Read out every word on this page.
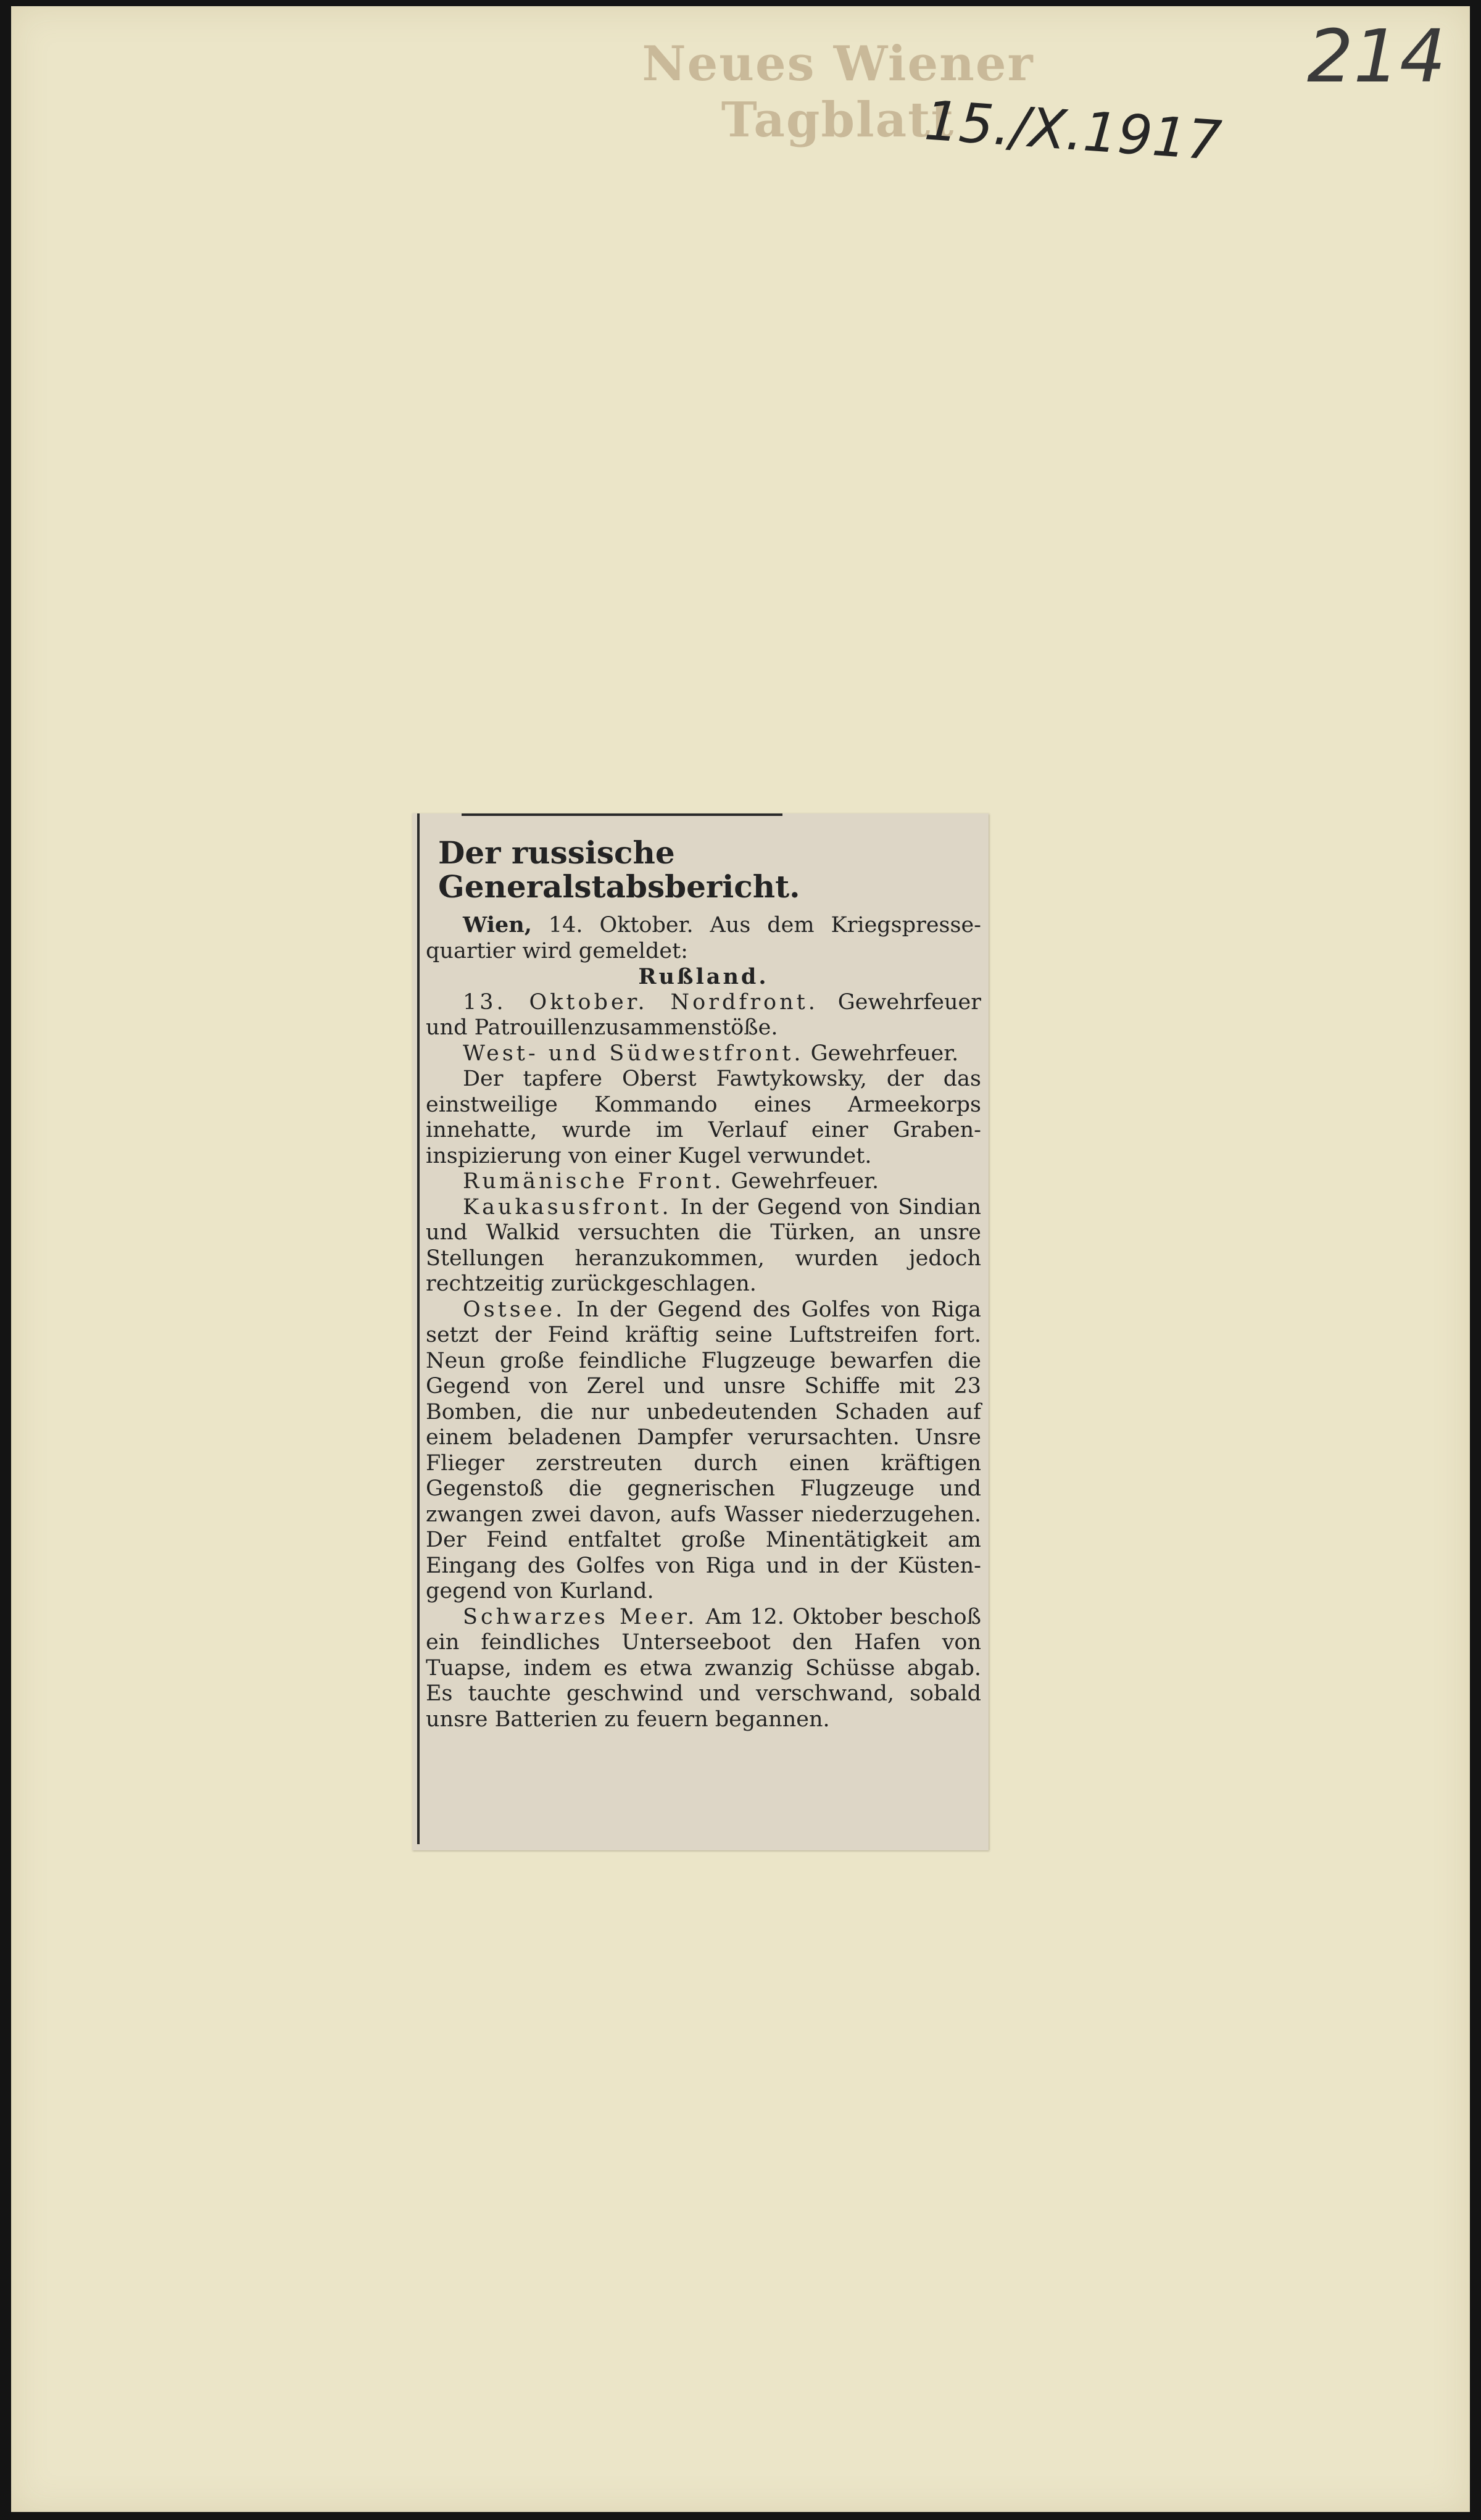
Neues Wiener Tagblatt
214
15./X.1917
Der russische Generalstabsbericht.

Wien, 14. Oktober. Aus dem Kriegspressequartier wird gemeldet:

Rußland.

13. Oktober. Nordfront. Gewehrfeuer und Patrouillenzusammenstöße.

West- und Südwestfront. Gewehrfeuer.

Der tapfere Oberst Fawtykowsky, der das einstweilige Kommando eines Armeekorps innehatte, wurde im Verlauf einer Grabeninspizierung von einer Kugel verwundet.

Rumänische Front. Gewehrfeuer.

Kaukasusfront. In der Gegend von Sindian und Walkid versuchten die Türken, an unsre Stellungen heranzukommen, wurden jedoch rechtzeitig zurückgeschlagen.

Ostsee. In der Gegend des Golfes von Riga setzt der Feind kräftig seine Luftstreifen fort. Neun große feindliche Flugzeuge bewarfen die Gegend von Zerel und unsre Schiffe mit 23 Bomben, die nur unbedeutenden Schaden auf einem beladenen Dampfer verursachten. Unsre Flieger zerstreuten durch einen kräftigen Gegenstoß die gegnerischen Flugzeuge und zwangen zwei davon, aufs Wasser niederzugehen. Der Feind entfaltet große Minentätigkeit am Eingang des Golfes von Riga und in der Küstengegend von Kurland.

Schwarzes Meer. Am 12. Oktober beschoß ein feindliches Unterseeboot den Hafen von Tuapse, indem es etwa zwanzig Schüsse abgab. Es tauchte geschwind und verschwand, sobald unsre Batterien zu feuern begannen.
